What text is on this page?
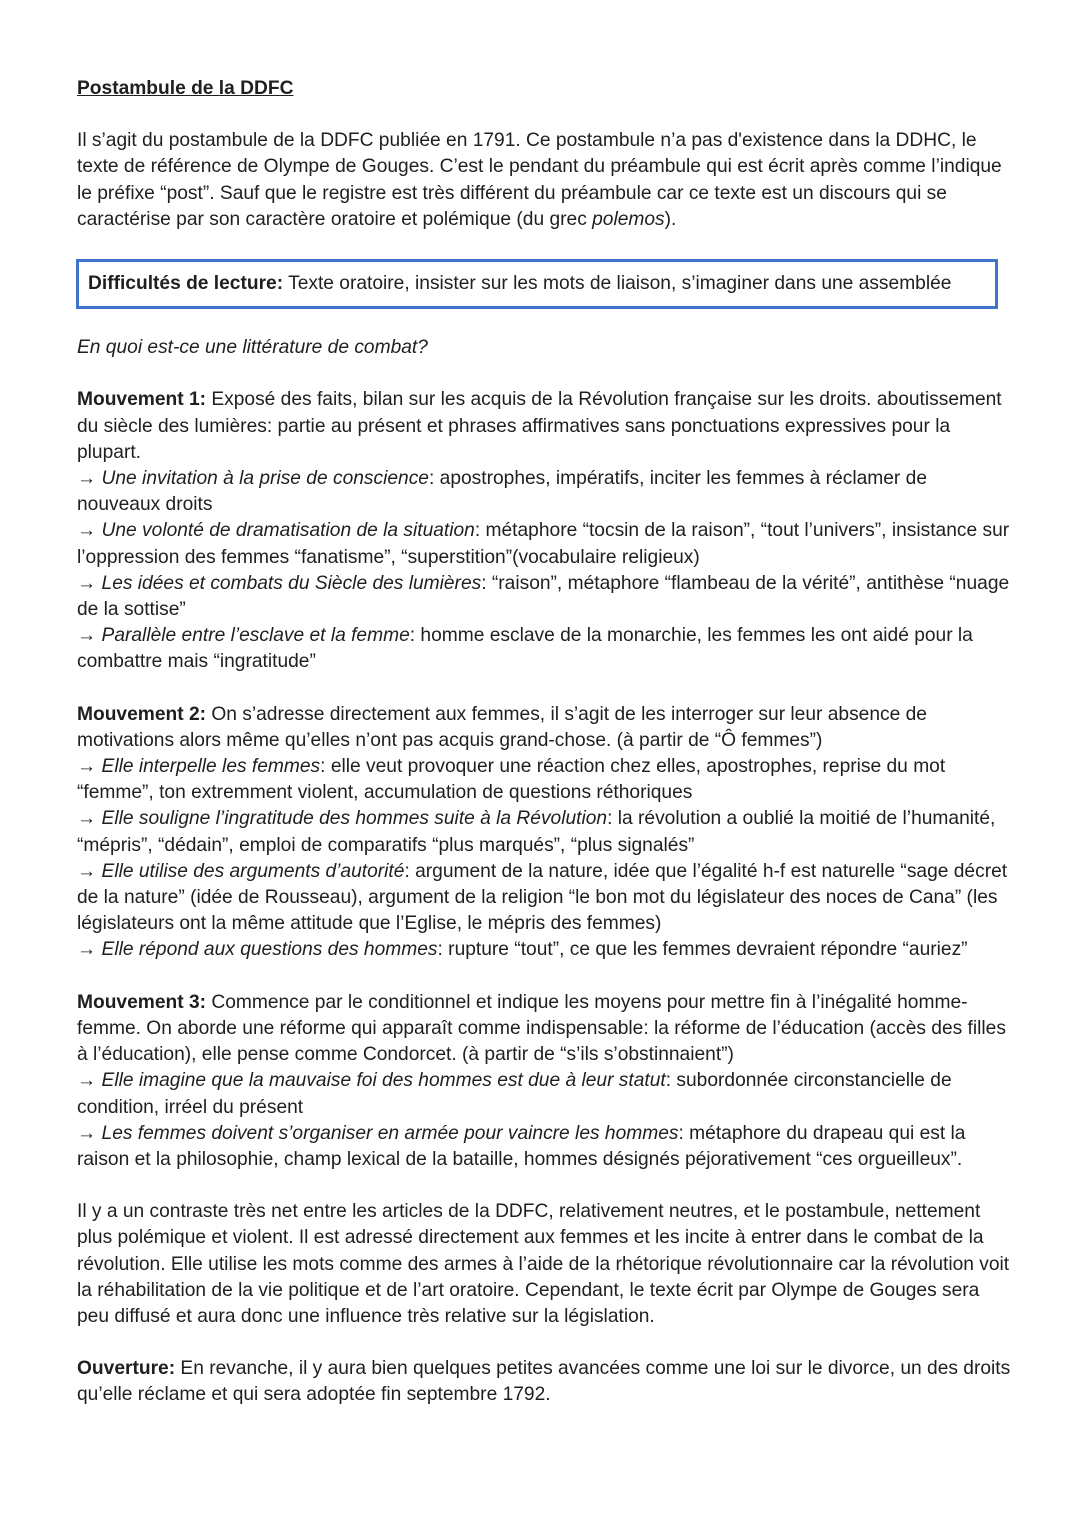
Postambule de la DDFC

Il s’agit du postambule de la DDFC publiée en 1791. Ce postambule n’a pas d'existence dans la DDHC, le texte de référence de Olympe de Gouges. C’est le pendant du préambule qui est écrit après comme l’indique le préfixe “post”. Sauf que le registre est très différent du préambule car ce texte est un discours qui se caractérise par son caractère oratoire et polémique (du grec polemos).

Difficultés de lecture: Texte oratoire, insister sur les mots de liaison, s’imaginer dans une assemblée

En quoi est-ce une littérature de combat?

Mouvement 1: Exposé des faits, bilan sur les acquis de la Révolution française sur les droits. aboutissement du siècle des lumières: partie au présent et phrases affirmatives sans ponctuations expressives pour la plupart.

→ Une invitation à la prise de conscience: apostrophes, impératifs, inciter les femmes à réclamer de nouveaux droits

→ Une volonté de dramatisation de la situation: métaphore “tocsin de la raison”, “tout l’univers”, insistance sur l’oppression des femmes “fanatisme”, “superstition”(vocabulaire religieux)

→ Les idées et combats du Siècle des lumières: “raison”, métaphore “flambeau de la vérité”, antithèse “nuage de la sottise”

→ Parallèle entre l’esclave et la femme: homme esclave de la monarchie, les femmes les ont aidé pour la combattre mais “ingratitude”

Mouvement 2: On s’adresse directement aux femmes, il s’agit de les interroger sur leur absence de motivations alors même qu’elles n’ont pas acquis grand-chose. (à partir de “Ô femmes”)

→ Elle interpelle les femmes: elle veut provoquer une réaction chez elles, apostrophes, reprise du mot “femme”, ton extremment violent, accumulation de questions réthoriques

→ Elle souligne l’ingratitude des hommes suite à la Révolution: la révolution a oublié la moitié de l’humanité, “mépris”, “dédain”, emploi de comparatifs “plus marqués”, “plus signalés”

→ Elle utilise des arguments d’autorité: argument de la nature, idée que l’égalité h-f est naturelle “sage décret de la nature” (idée de Rousseau), argument de la religion “le bon mot du législateur des noces de Cana” (les législateurs ont la même attitude que l’Eglise, le mépris des femmes)

→ Elle répond aux questions des hommes: rupture “tout”, ce que les femmes devraient répondre “auriez”

Mouvement 3: Commence par le conditionnel et indique les moyens pour mettre fin à l’inégalité homme-femme. On aborde une réforme qui apparaît comme indispensable: la réforme de l’éducation (accès des filles à l’éducation), elle pense comme Condorcet. (à partir de “s’ils s’obstinnaient”)

→ Elle imagine que la mauvaise foi des hommes est due à leur statut: subordonnée circonstancielle de condition, irréel du présent

→ Les femmes doivent s’organiser en armée pour vaincre les hommes: métaphore du drapeau qui est la raison et la philosophie, champ lexical de la bataille, hommes désignés péjorativement “ces orgueilleux”.

Il y a un contraste très net entre les articles de la DDFC, relativement neutres, et le postambule, nettement plus polémique et violent. Il est adressé directement aux femmes et les incite à entrer dans le combat de la révolution. Elle utilise les mots comme des armes à l’aide de la rhétorique révolutionnaire car la révolution voit la réhabilitation de la vie politique et de l’art oratoire. Cependant, le texte écrit par Olympe de Gouges sera peu diffusé et aura donc une influence très relative sur la législation.

Ouverture: En revanche, il y aura bien quelques petites avancées comme une loi sur le divorce, un des droits qu’elle réclame et qui sera adoptée fin septembre 1792.
